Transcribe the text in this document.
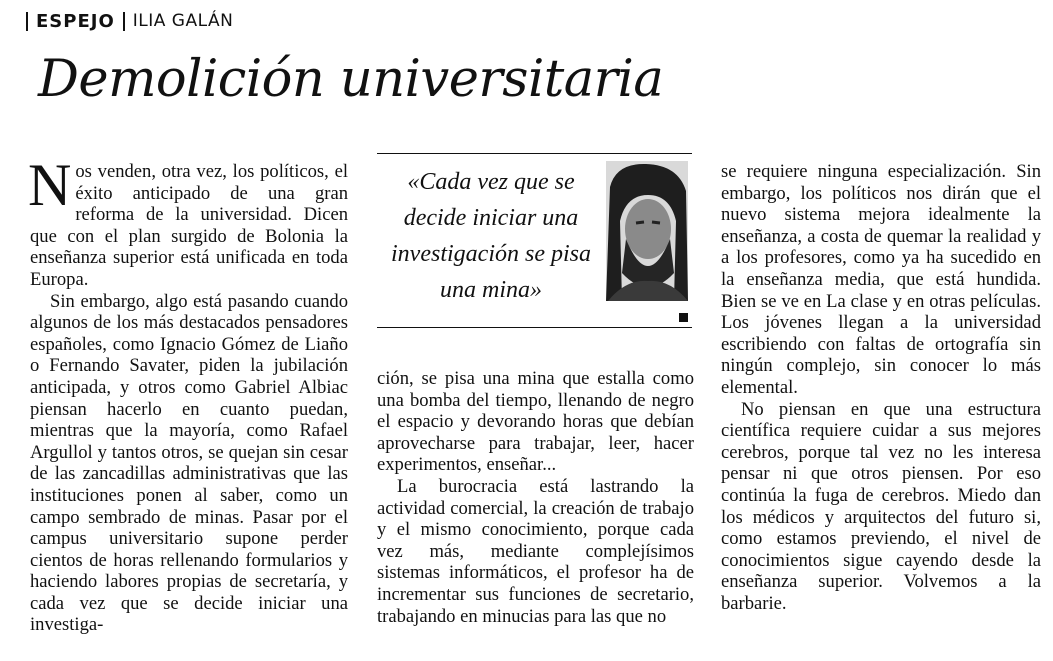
ESPEJO ILIA GALÁN
Demolición universitaria

Nos venden, otra vez, los políticos, el éxito anticipado de una gran reforma de la universidad. Dicen que con el plan surgido de Bolonia la enseñanza superior está unificada en toda Europa.

Sin embargo, algo está pasando cuando algunos de los más destacados pensadores españoles, como Ignacio Gómez de Liaño o Fernando Savater, piden la jubilación anticipada, y otros como Gabriel Albiac piensan hacerlo en cuanto puedan, mientras que la mayoría, como Rafael Argullol y tantos otros, se quejan sin cesar de las zancadillas administrativas que las instituciones ponen al saber, como un campo sembrado de minas. Pasar por el campus universitario supone perder cientos de horas rellenando formularios y haciendo labores propias de secretaría, y cada vez que se decide iniciar una investiga-

«Cada vez que se decide iniciar una investigación se pisa una mina»

ción, se pisa una mina que estalla como una bomba del tiempo, llenando de negro el espacio y devorando horas que debían aprovecharse para trabajar, leer, hacer experimentos, enseñar...

La burocracia está lastrando la actividad comercial, la creación de trabajo y el mismo conocimiento, porque cada vez más, mediante complejísimos sistemas informáticos, el profesor ha de incrementar sus funciones de secretario, trabajando en minucias para las que no

se requiere ninguna especialización. Sin embargo, los políticos nos dirán que el nuevo sistema mejora idealmente la enseñanza, a costa de quemar la realidad y a los profesores, como ya ha sucedido en la enseñanza media, que está hundida. Bien se ve en La clase y en otras películas. Los jóvenes llegan a la universidad escribiendo con faltas de ortografía sin ningún complejo, sin conocer lo más elemental.

No piensan en que una estructura científica requiere cuidar a sus mejores cerebros, porque tal vez no les interesa pensar ni que otros piensen. Por eso continúa la fuga de cerebros. Miedo dan los médicos y arquitectos del futuro si, como estamos previendo, el nivel de conocimientos sigue cayendo desde la enseñanza superior. Volvemos a la barbarie.
